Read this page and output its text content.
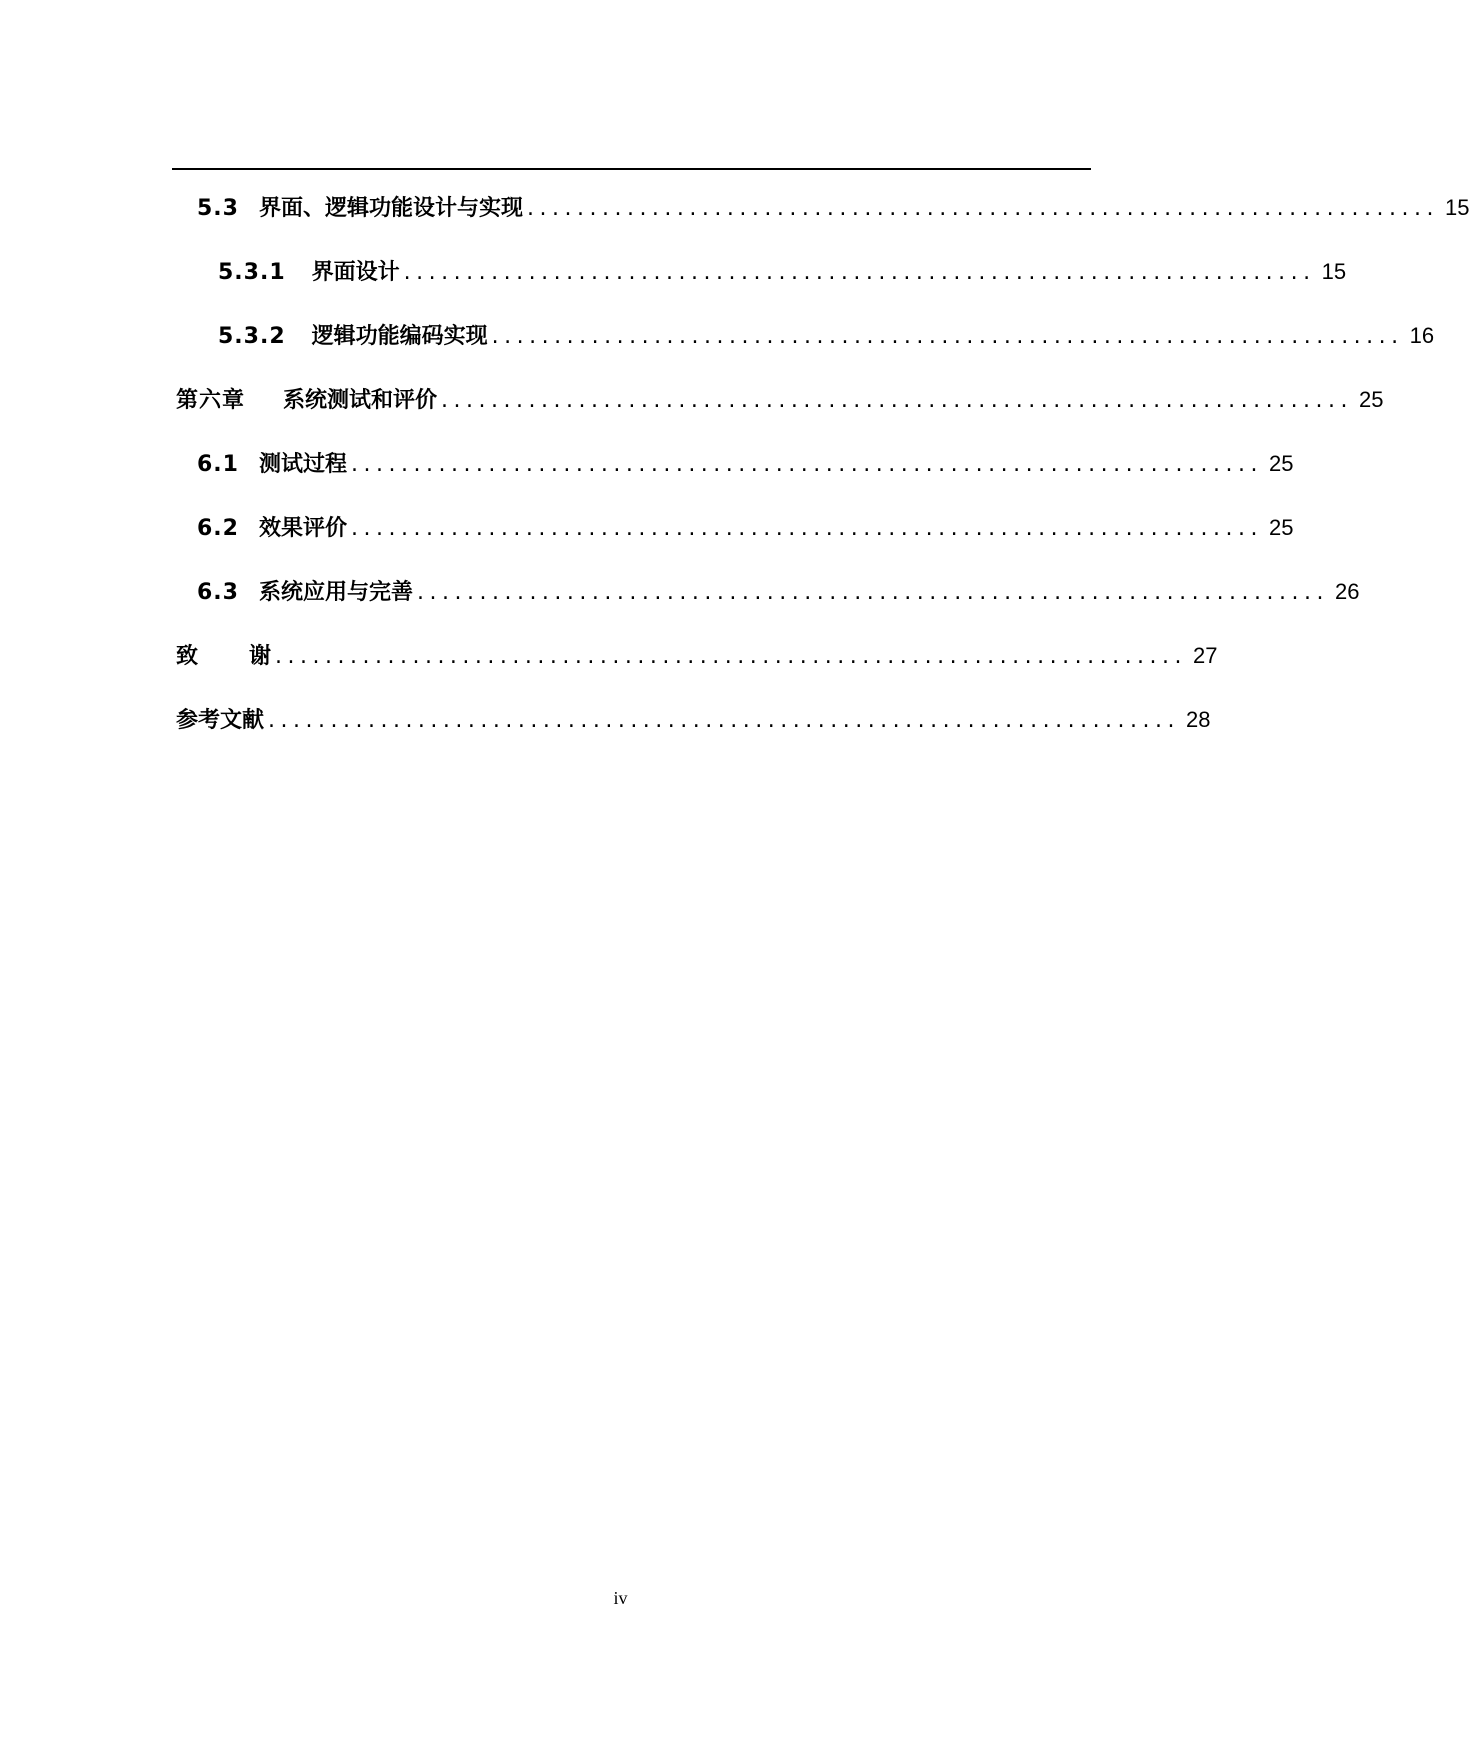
5.3 界面、逻辑功能设计与实现 ......................................................................... 15
5.3.1 界面设计 ......................................................................... 15
5.3.2 逻辑功能编码实现 ......................................................................... 16
第六章 系统测试和评价 ......................................................................... 25
6.1 测试过程 ......................................................................... 25
6.2 效果评价 ......................................................................... 25
6.3 系统应用与完善 ......................................................................... 26
致 谢 ......................................................................... 27
参考文献 ......................................................................... 28
iv
